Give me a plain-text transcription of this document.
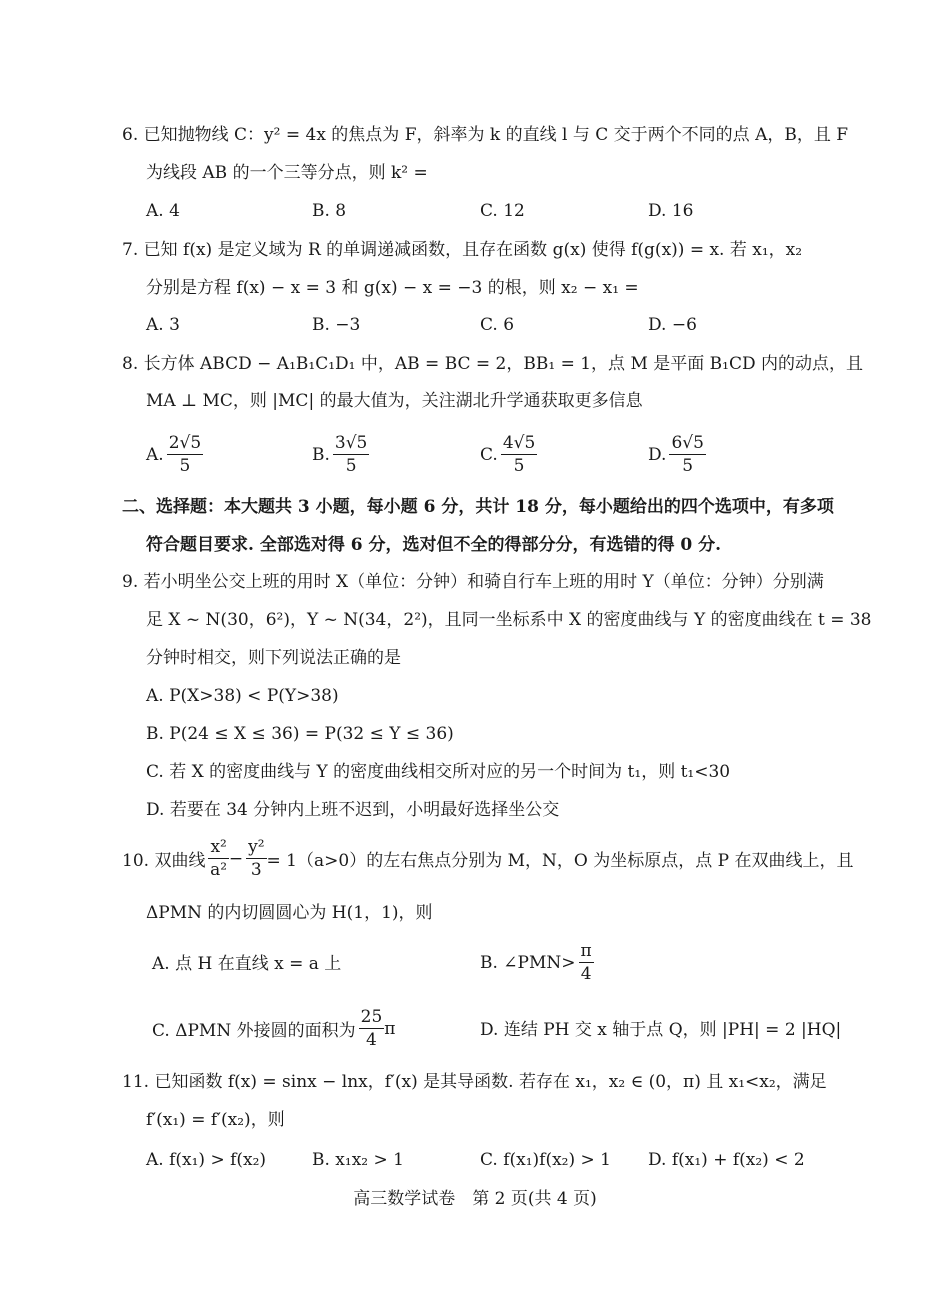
6. 已知抛物线 C：y² = 4x 的焦点为 F，斜率为 k 的直线 l 与 C 交于两个不同的点 A，B，且 F
为线段 AB 的一个三等分点，则 k² =
A. 4	B. 8	C. 12	D. 16
7. 已知 f(x) 是定义域为 R 的单调递减函数，且存在函数 g(x) 使得 f(g(x)) = x. 若 x₁，x₂
分别是方程 f(x) − x = 3 和 g(x) − x = −3 的根，则 x₂ − x₁ =
A. 3	B. −3	C. 6	D. −6
8. 长方体 ABCD − A₁B₁C₁D₁ 中，AB = BC = 2，BB₁ = 1，点 M 是平面 B₁CD 内的动点，且
MA ⊥ MC，则 |MC| 的最大值为，关注湖北升学通获取更多信息
A. $\frac{2√5}{5}$	B. $\frac{3√5}{5}$	C. $\frac{4√5}{5}$	D. $\frac{6√5}{5}$
二、选择题：本大题共 3 小题，每小题 6 分，共计 18 分，每小题给出的四个选项中，有多项
符合题目要求. 全部选对得 6 分，选对但不全的得部分分，有选错的得 0 分.
9. 若小明坐公交上班的用时 X（单位：分钟）和骑自行车上班的用时 Y（单位：分钟）分别满
足 X ~ N(30，6²)，Y ~ N(34，2²)，且同一坐标系中 X 的密度曲线与 Y 的密度曲线在 t = 38
分钟时相交，则下列说法正确的是
A. P(X>38) < P(Y>38)
B. P(24 ≤ X ≤ 36) = P(32 ≤ Y ≤ 36)
C. 若 X 的密度曲线与 Y 的密度曲线相交所对应的另一个时间为 t₁，则 t₁<30
D. 若要在 34 分钟内上班不迟到，小明最好选择坐公交
10. 双曲线 $\frac{\text{x²}}{\text{a²}} - \frac{\text{y²}}{3} = 1(a>0)$的左右焦点分别为 M，N，O 为坐标原点，点 P 在双曲线上，且
ΔPMN 的内切圆圆心为 H(1，1)，则
A. 点 H 在直线 x = a 上	B. ∠PMN> $\frac{\pi}{4}$
C. ΔPMN 外接圆的面积为 $\frac{25}{4}$ π	D. 连结 PH 交 x 轴于点 Q，则 |PH| = 2 |HQ|
11. 已知函数 f(x) = sinx − lnx，f′(x) 是其导函数. 若存在 x₁，x₂ ∈ (0，π) 且 x₁<x₂，满足
f′(x₁) = f′(x₂)，则
A. f(x₁) > f(x₂)	B. x₁x₂ > 1	C. f(x₁)f(x₂) > 1 D. f(x₁) + f(x₂) < 2
高三数学试卷　第 2 页(共 4 页)
